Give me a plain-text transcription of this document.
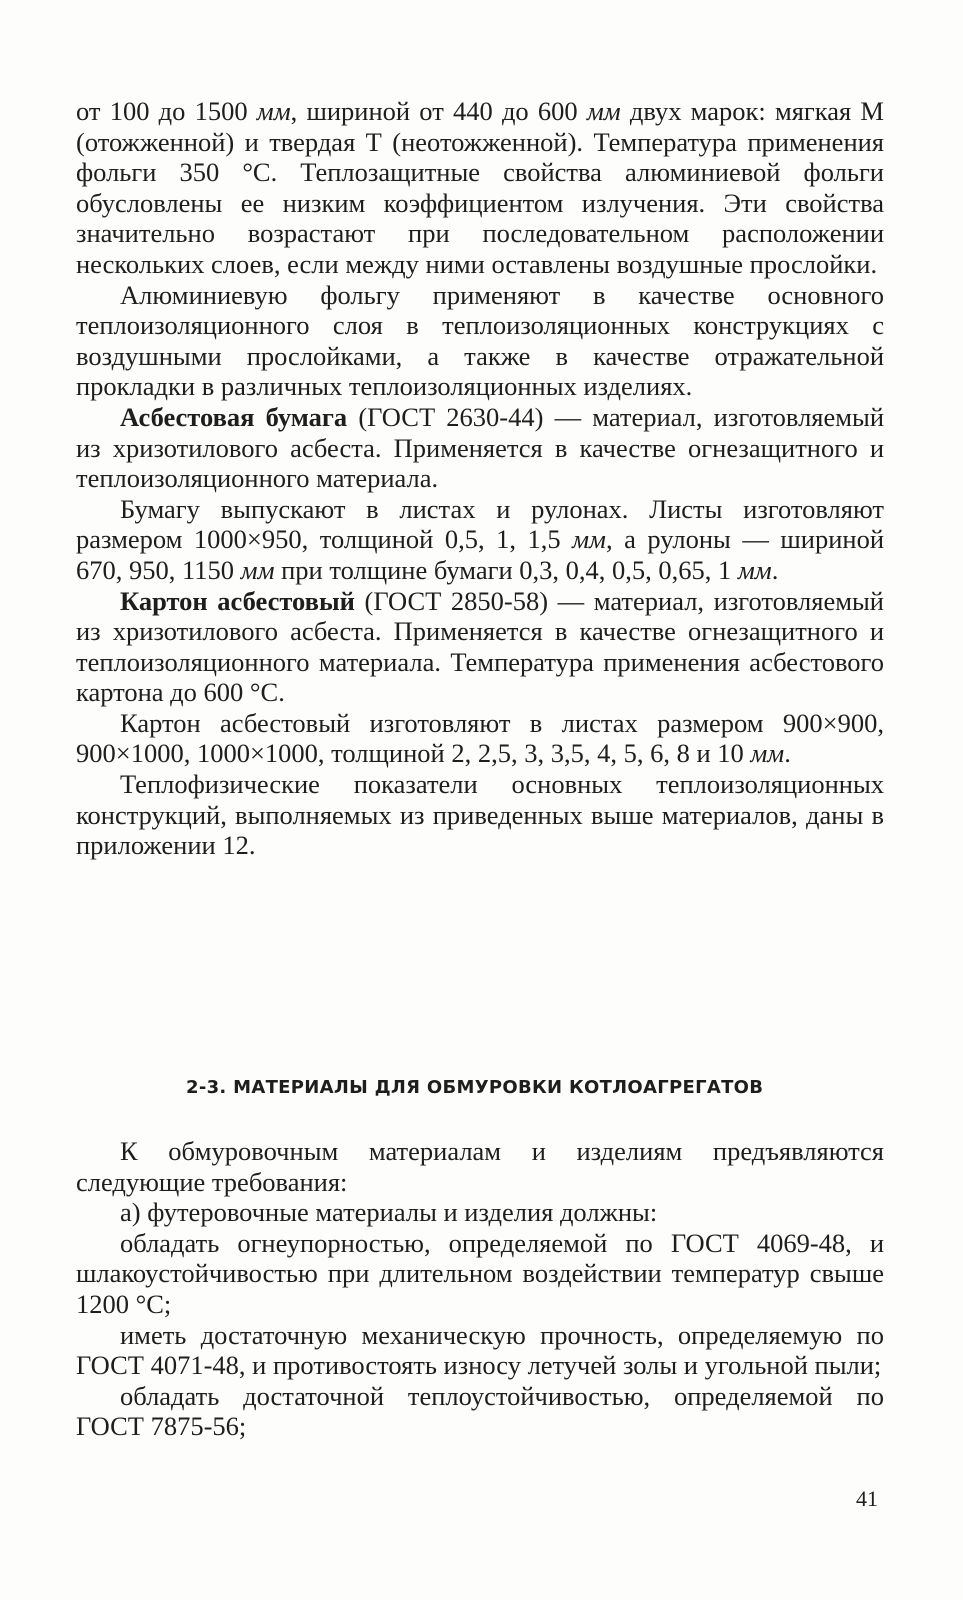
от 100 до 1500 мм, шириной от 440 до 600 мм двух марок: мягкая М (отожженной) и твердая Т (неотожженной). Температура применения фольги 350 °С. Теплозащитные свойства алюминиевой фольги обусловлены ее низким коэффициентом излучения. Эти свойства значительно возрастают при последовательном расположении нескольких слоев, если между ними оставлены воздушные прослойки.

Алюминиевую фольгу применяют в качестве основного теплоизоляционного слоя в теплоизоляционных конструкциях с воздушными прослойками, а также в качестве отражательной прокладки в различных теплоизоляционных изделиях.

Асбестовая бумага (ГОСТ 2630-44) — материал, изготовляемый из хризотилового асбеста. Применяется в качестве огнезащитного и теплоизоляционного материала.

Бумагу выпускают в листах и рулонах. Листы изготовляют размером 1000×950, толщиной 0,5, 1, 1,5 мм, а рулоны — шириной 670, 950, 1150 мм при толщине бумаги 0,3, 0,4, 0,5, 0,65, 1 мм.

Картон асбестовый (ГОСТ 2850-58) — материал, изготовляемый из хризотилового асбеста. Применяется в качестве огнезащитного и теплоизоляционного материала. Температура применения асбестового картона до 600 °С.

Картон асбестовый изготовляют в листах размером 900×900, 900×1000, 1000×1000, толщиной 2, 2,5, 3, 3,5, 4, 5, 6, 8 и 10 мм.

Теплофизические показатели основных теплоизоляционных конструкций, выполняемых из приведенных выше материалов, даны в приложении 12.

2-3. МАТЕРИАЛЫ ДЛЯ ОБМУРОВКИ КОТЛОАГРЕГАТОВ

К обмуровочным материалам и изделиям предъявляются следующие требования:

а) футеровочные материалы и изделия должны:

обладать огнеупорностью, определяемой по ГОСТ 4069-48, и шлакоустойчивостью при длительном воздействии температур свыше 1200 °С;

иметь достаточную механическую прочность, определяемую по ГОСТ 4071-48, и противостоять износу летучей золы и угольной пыли;

обладать достаточной теплоустойчивостью, определяемой по ГОСТ 7875-56;

41
